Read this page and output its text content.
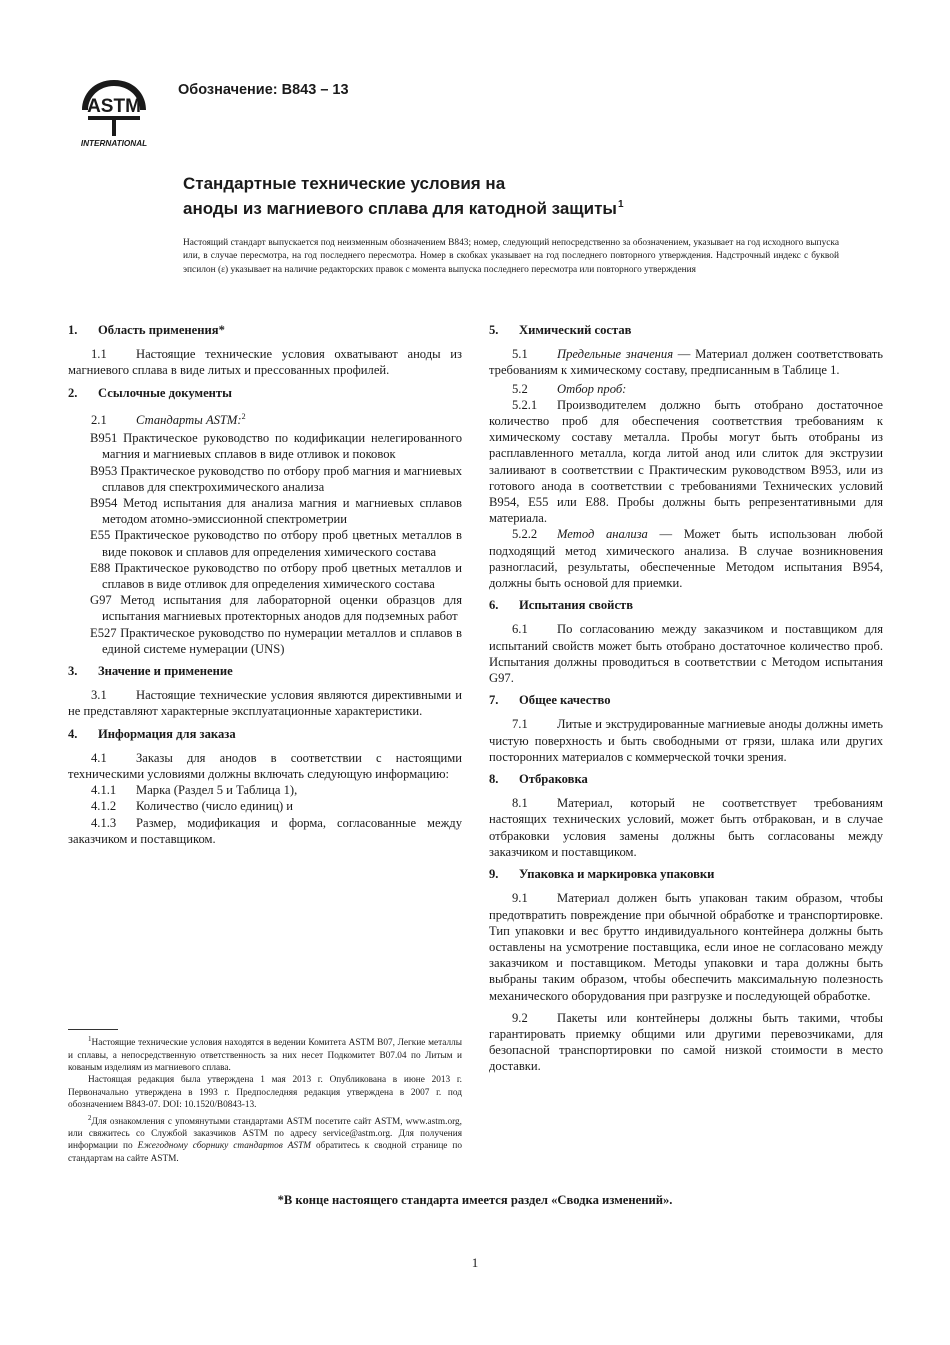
ASTM
INTERNATIONAL
Обозначение: B843 – 13
Стандартные технические условия на
аноды из магниевого сплава для катодной защиты$^1$
Настоящий стандарт выпускается под неизменным обозначением B843; номер, следующий непосредственно за обозначением, указывает на год исходного выпуска или, в случае пересмотра, на год последнего пересмотра. Номер в скобках указывает на год последнего повторного утверждения. Надстрочный индекс с буквой эпсилон (ε) указывает на наличие редакторских правок с момента выпуска последнего пересмотра или повторного утверждения
1. Область применения*

1.1 Настоящие технические условия охватывают аноды из магниевого сплава в виде литых и прессованных профилей.

2. Ссылочные документы

2.1 Стандарты ASTM:$^2$

B951 Практическое руководство по кодификации нелегированного магния и магниевых сплавов в виде отливок и поковок

B953 Практическое руководство по отбору проб магния и магниевых сплавов для спектрохимического анализа

B954 Метод испытания для анализа магния и магниевых сплавов методом атомно-эмиссионной спектрометрии

E55 Практическое руководство по отбору проб цветных металлов в виде поковок и сплавов для определения химического состава

E88 Практическое руководство по отбору проб цветных металлов и сплавов в виде отливок для определения химического состава

G97 Метод испытания для лабораторной оценки образцов для испытания магниевых протекторных анодов для подземных работ

E527 Практическое руководство по нумерации металлов и сплавов в единой системе нумерации (UNS)

3. Значение и применение

3.1 Настоящие технические условия являются директивными и не представляют характерные эксплуатационные характеристики.

4. Информация для заказа

4.1 Заказы для анодов в соответствии с настоящими техническими условиями должны включать следующую информацию:

4.1.1 Марка (Раздел 5 и Таблица 1),

4.1.2 Количество (число единиц) и

4.1.3 Размер, модификация и форма, согласованные между заказчиком и поставщиком.

$^1$Настоящие технические условия находятся в ведении Комитета ASTM B07, Легкие металлы и сплавы, а непосредственную ответственность за них несет Подкомитет B07.04 по Литым и кованым изделиям из магниевого сплава.

Настоящая редакция была утверждена 1 мая 2013 г. Опубликована в июне 2013 г. Первоначально утверждена в 1993 г. Предпоследняя редакция утверждена в 2007 г. под обозначением B843-07. DOI: 10.1520/B0843-13.

$^2$Для ознакомления с упомянутыми стандартами ASTM посетите сайт ASTM, www.astm.org, или свяжитесь со Службой заказчиков ASTM по адресу service@astm.org. Для получения информации по Ежегодному сборнику стандартов ASTM обратитесь к сводной странице по стандартам на сайте ASTM.

5. Химический состав

5.1 Предельные значения — Материал должен соответствовать требованиям к химическому составу, предписанным в Таблице 1.

5.2 Отбор проб:

5.2.1 Производителем должно быть отобрано достаточное количество проб для обеспечения соответствия требованиям к химическому составу металла. Пробы могут быть отобраны из расплавленного металла, когда литой анод или слиток для экструзии залиивают в соответствии с Практическим руководством B953, или из готового анода в соответствии с требованиями Технических условий B954, E55 или E88. Пробы должны быть репрезентативными для материала.

5.2.2 Метод анализа — Может быть использован любой подходящий метод химического анализа. В случае возникновения разногласий, результаты, обеспеченные Методом испытания B954, должны быть основой для приемки.

6. Испытания свойств

6.1 По согласованию между заказчиком и поставщиком для испытаний свойств может быть отобрано достаточное количество проб. Испытания должны проводиться в соответствии с Методом испытания G97.

7. Общее качество

7.1 Литые и экструдированные магниевые аноды должны иметь чистую поверхность и быть свободными от грязи, шлака или других посторонних материалов с коммерческой точки зрения.

8. Отбраковка

8.1 Материал, который не соответствует требованиям настоящих технических условий, может быть отбракован, и в случае отбраковки условия замены должны быть согласованы между заказчиком и поставщиком.

9. Упаковка и маркировка упаковки

9.1 Материал должен быть упакован таким образом, чтобы предотвратить повреждение при обычной обработке и транспортировке. Тип упаковки и вес брутто индивидуального контейнера должны быть оставлены на усмотрение поставщика, если иное не согласовано между заказчиком и поставщиком. Методы упаковки и тара должны быть выбраны таким образом, чтобы обеспечить максимальную полезность механического оборудования при разгрузке и последующей обработке.

9.2 Пакеты или контейнеры должны быть такими, чтобы гарантировать приемку общими или другими перевозчиками, для безопасной транспортировки по самой низкой стоимости в место доставки.

*В конце настоящего стандарта имеется раздел «Сводка изменений».
1
